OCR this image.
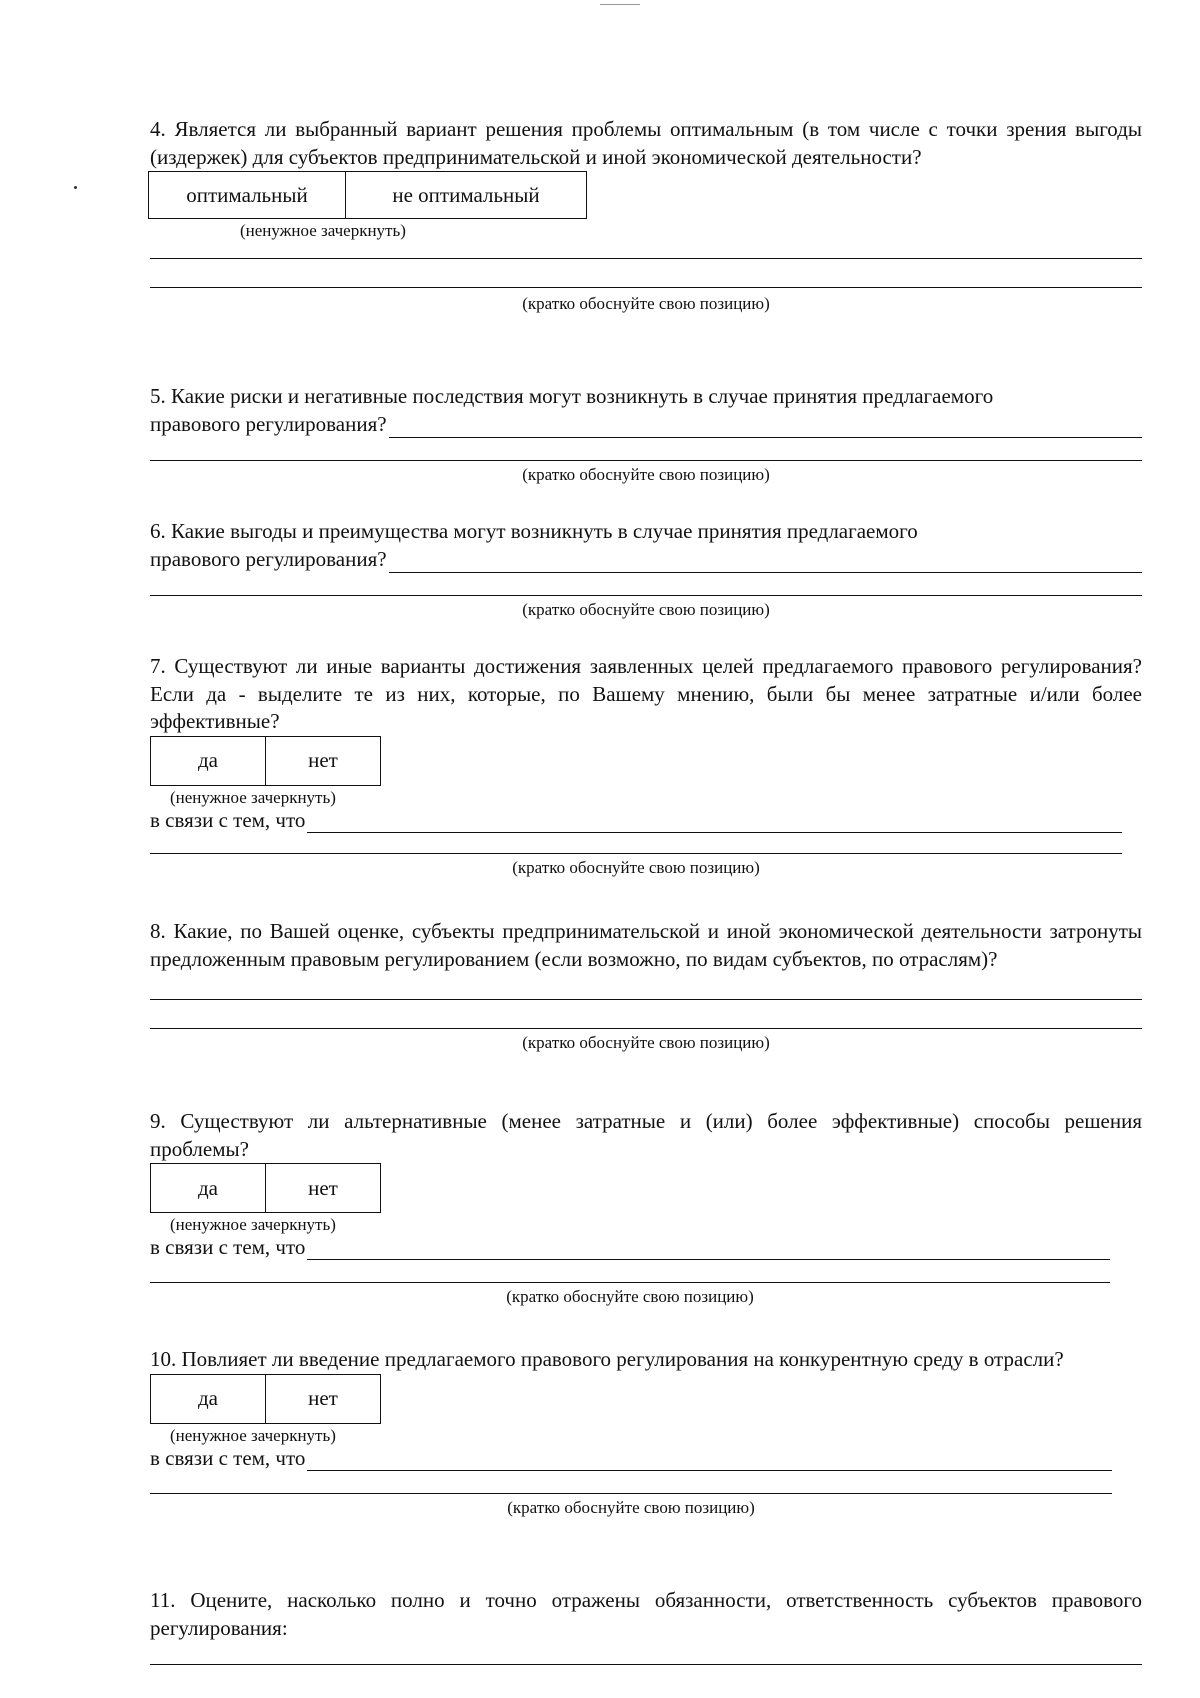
4. Является ли выбранный вариант решения проблемы оптимальным (в том числе с точки зрения выгоды (издержек) для субъектов предпринимательской и иной экономической деятельности?

оптимальный	не оптимальный
(ненужное зачеркнуть)

(кратко обоснуйте свою позицию)

5. Какие риски и негативные последствия могут возникнуть в случае принятия предлагаемого

правового регулирования?

(кратко обоснуйте свою позицию)

6. Какие выгоды и преимущества могут возникнуть в случае принятия предлагаемого

правового регулирования?

(кратко обоснуйте свою позицию)

7. Существуют ли иные варианты достижения заявленных целей предлагаемого правового регулирования? Если да - выделите те из них, которые, по Вашему мнению, были бы менее затратные и/или более эффективные?

да	нет
(ненужное зачеркнуть)
в связи с тем, что

(кратко обоснуйте свою позицию)

8. Какие, по Вашей оценке, субъекты предпринимательской и иной экономической деятельности затронуты предложенным правовым регулированием (если возможно, по видам субъектов, по отраслям)?

(кратко обоснуйте свою позицию)

9. Существуют ли альтернативные (менее затратные и (или) более эффективные) способы решения проблемы?

да	нет
(ненужное зачеркнуть)
в связи с тем, что

(кратко обоснуйте свою позицию)

10. Повлияет ли введение предлагаемого правового регулирования на конкурентную среду в отрасли?

да	нет
(ненужное зачеркнуть)
в связи с тем, что

(кратко обоснуйте свою позицию)

11. Оцените, насколько полно и точно отражены обязанности, ответственность субъектов правового регулирования:
